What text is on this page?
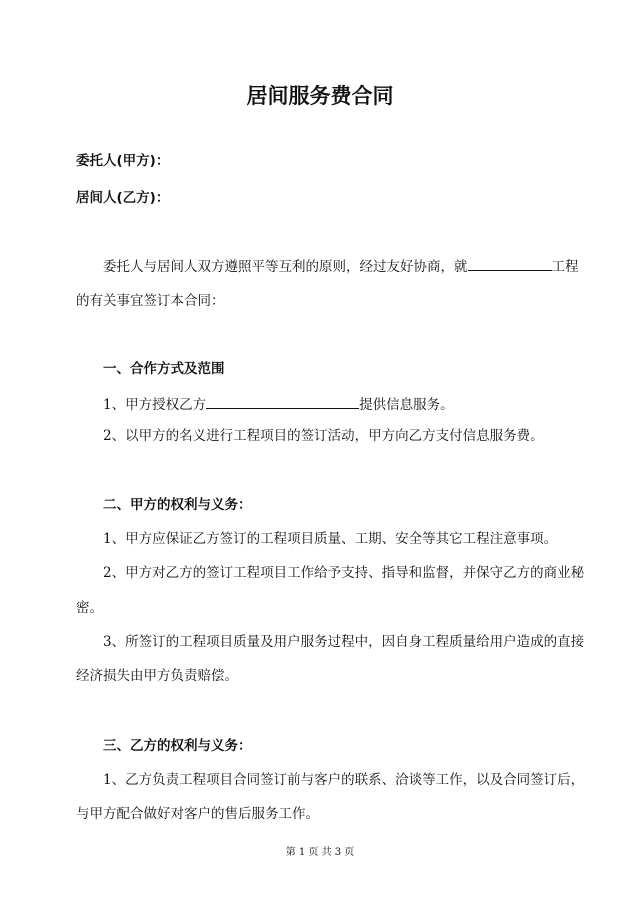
居间服务费合同
委托人(甲方)：
居间人(乙方)：
委托人与居间人双方遵照平等互利的原则，经过友好协商，就	工程
的有关事宜签订本合同：
一、合作方式及范围
1、甲方授权乙方	提供信息服务。
2、以甲方的名义进行工程项目的签订活动，甲方向乙方支付信息服务费。
二、甲方的权利与义务：
1、甲方应保证乙方签订的工程项目质量、工期、安全等其它工程注意事项。
2、甲方对乙方的签订工程项目工作给予支持、指导和监督，并保守乙方的商业秘
密。
3、所签订的工程项目质量及用户服务过程中，因自身工程质量给用户造成的直接
经济损失由甲方负责赔偿。
三、乙方的权利与义务：
1、乙方负责工程项目合同签订前与客户的联系、洽谈等工作，以及合同签订后，
与甲方配合做好对客户的售后服务工作。
第 1 页 共 3 页
